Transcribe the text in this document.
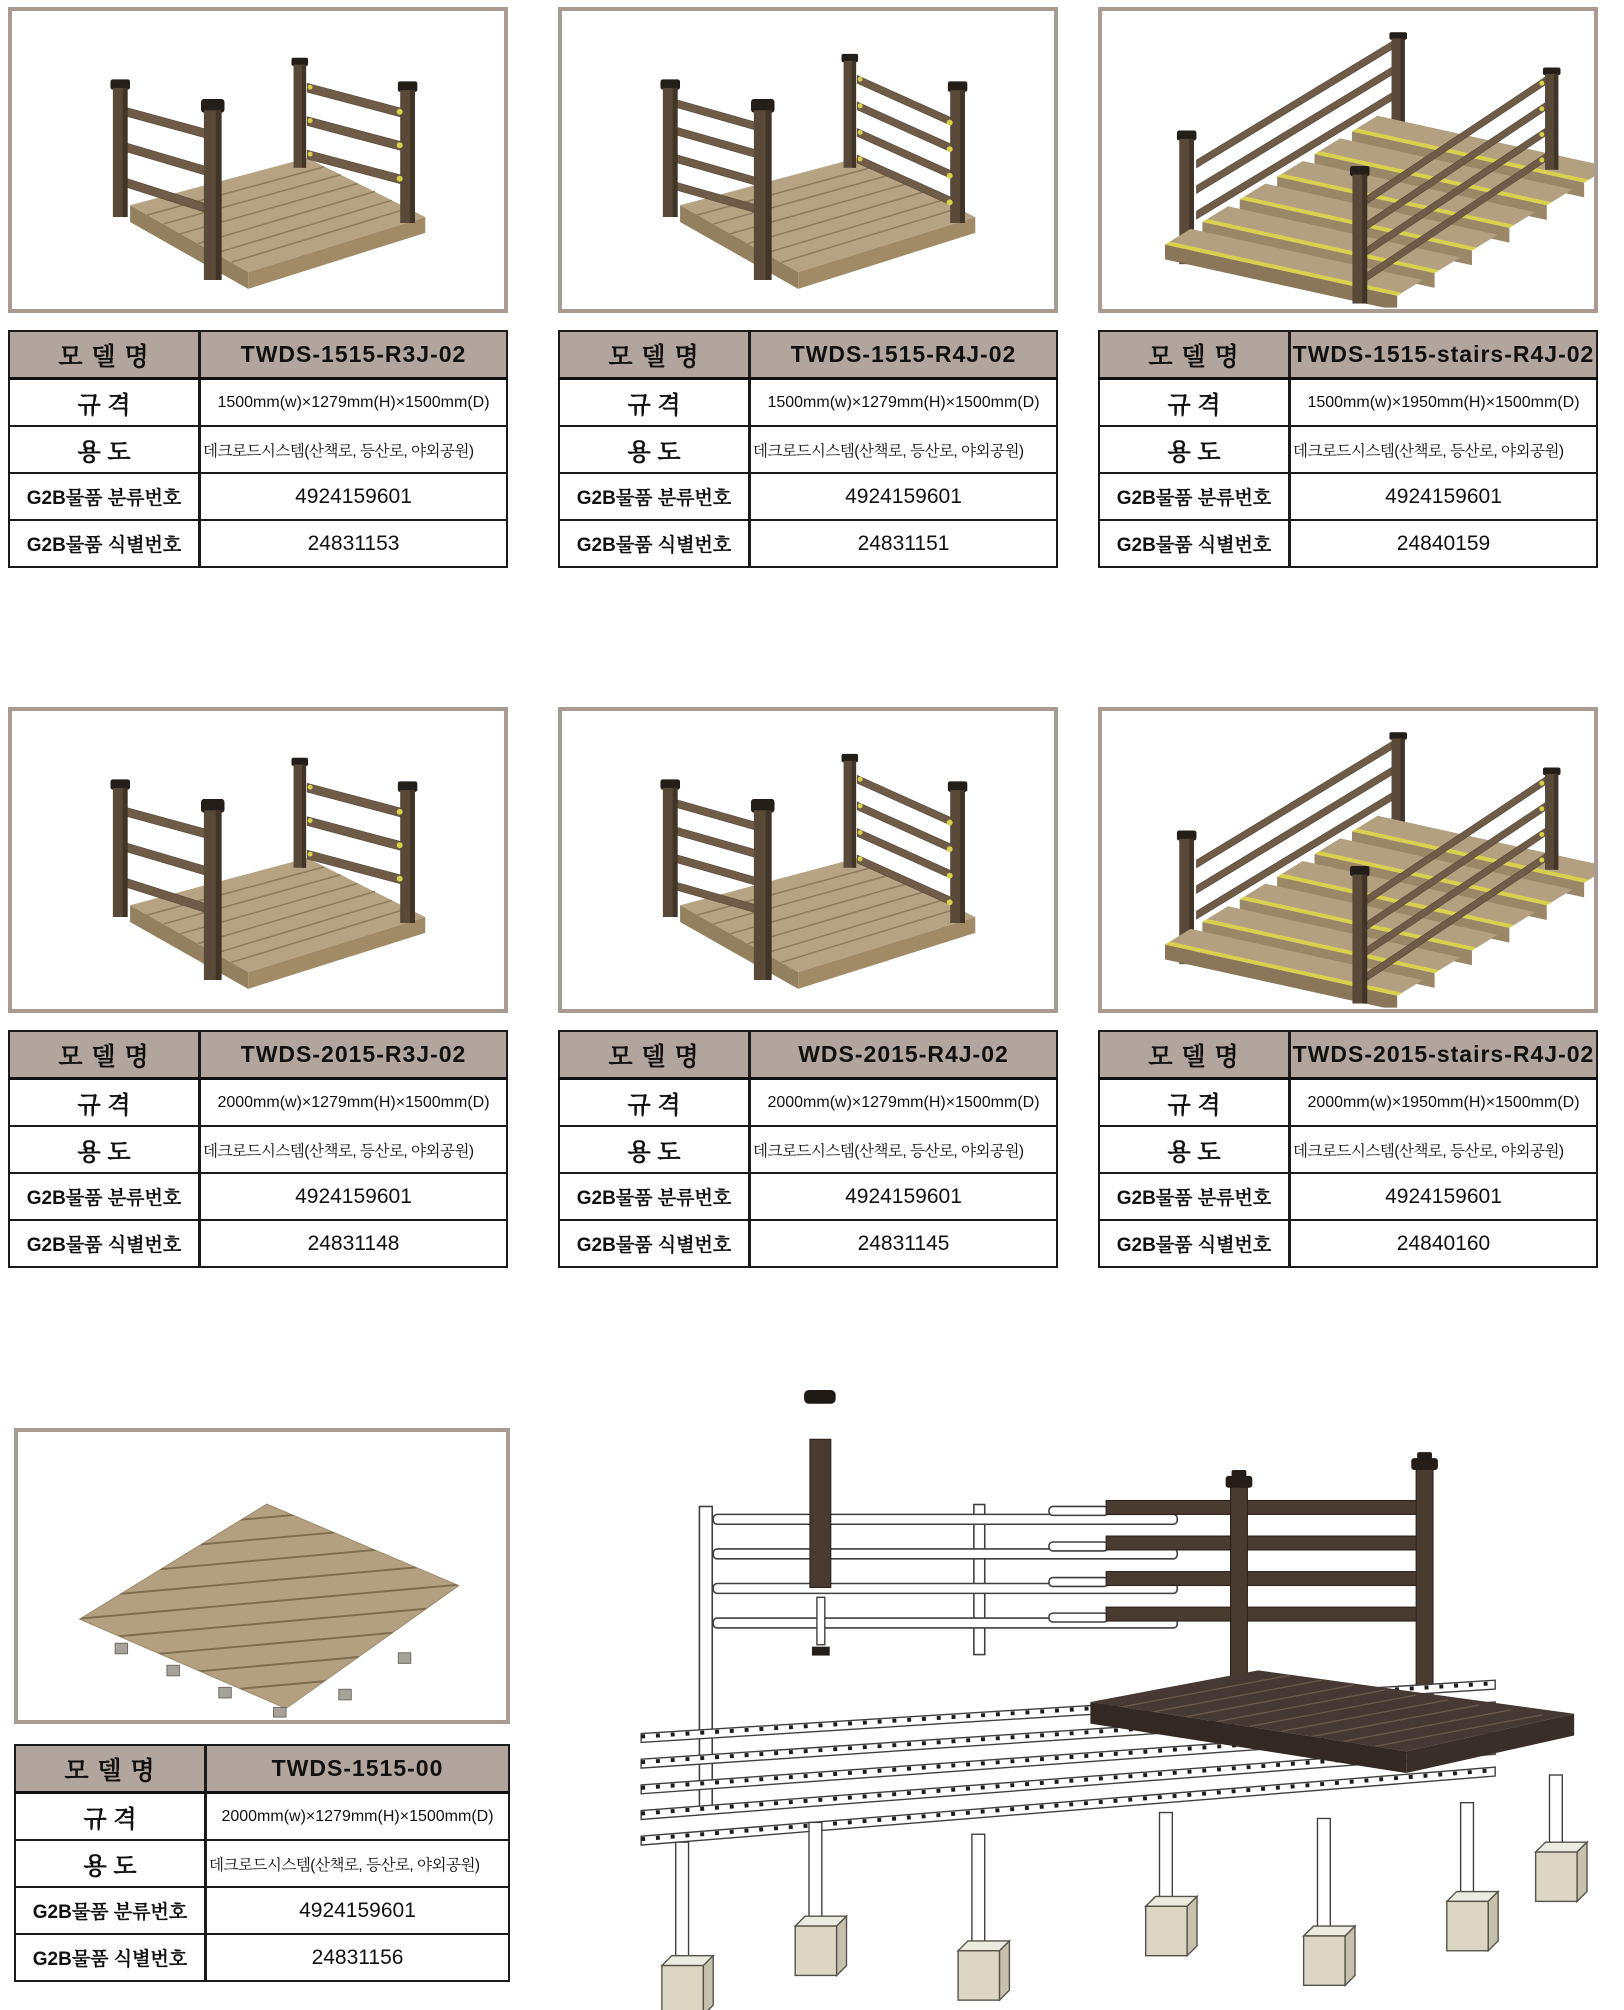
모 델 명	TWDS-1515-R3J-02
규 격	1500mm(w)×1279mm(H)×1500mm(D)
용 도	데크로드시스템(산책로, 등산로, 야외공원)
G2B물품 분류번호	4924159601
G2B물품 식별번호	24831153
모 델 명	TWDS-1515-R4J-02
규 격	1500mm(w)×1279mm(H)×1500mm(D)
용 도	데크로드시스템(산책로, 등산로, 야외공원)
G2B물품 분류번호	4924159601
G2B물품 식별번호	24831151
모 델 명	TWDS-1515-stairs-R4J-02
규 격	1500mm(w)×1950mm(H)×1500mm(D)
용 도	데크로드시스템(산책로, 등산로, 야외공원)
G2B물품 분류번호	4924159601
G2B물품 식별번호	24840159
모 델 명	TWDS-2015-R3J-02
규 격	2000mm(w)×1279mm(H)×1500mm(D)
용 도	데크로드시스템(산책로, 등산로, 야외공원)
G2B물품 분류번호	4924159601
G2B물품 식별번호	24831148
모 델 명	WDS-2015-R4J-02
규 격	2000mm(w)×1279mm(H)×1500mm(D)
용 도	데크로드시스템(산책로, 등산로, 야외공원)
G2B물품 분류번호	4924159601
G2B물품 식별번호	24831145
모 델 명	TWDS-2015-stairs-R4J-02
규 격	2000mm(w)×1950mm(H)×1500mm(D)
용 도	데크로드시스템(산책로, 등산로, 야외공원)
G2B물품 분류번호	4924159601
G2B물품 식별번호	24840160
모 델 명	TWDS-1515-00
규 격	2000mm(w)×1279mm(H)×1500mm(D)
용 도	데크로드시스템(산책로, 등산로, 야외공원)
G2B물품 분류번호	4924159601
G2B물품 식별번호	24831156
